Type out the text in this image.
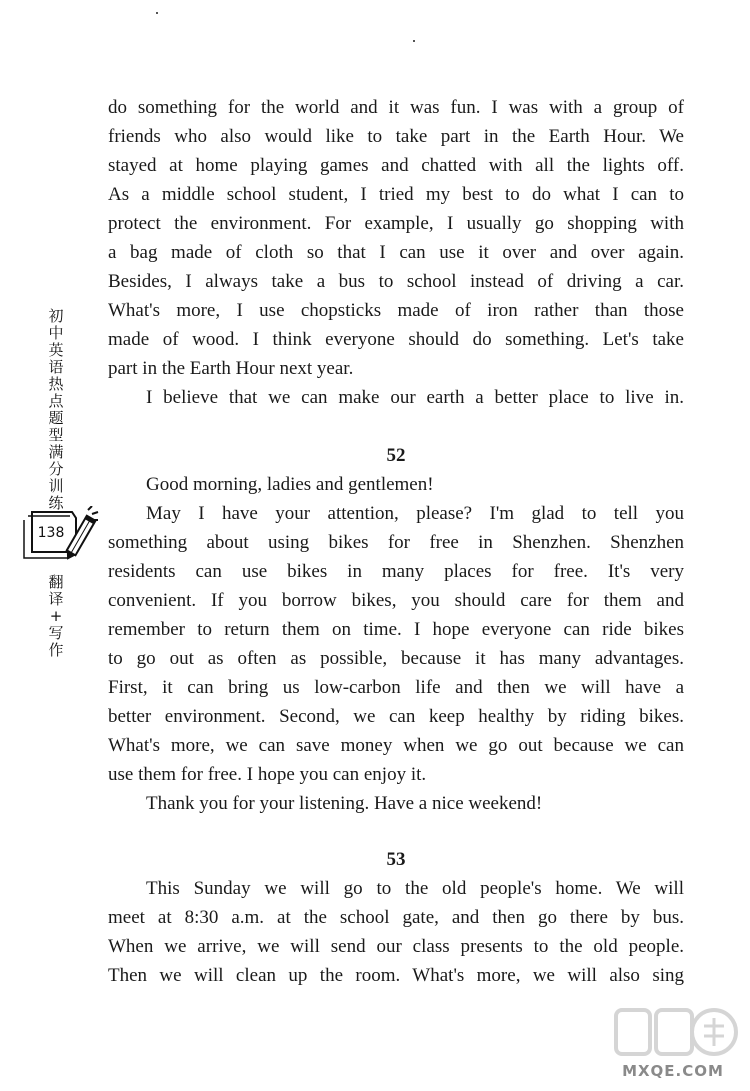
do something for the world and it was fun. I was with a group of
friends who also would like to take part in the Earth Hour. We
stayed at home playing games and chatted with all the lights off.
As a middle school student, I tried my best to do what I can to
protect the environment. For example, I usually go shopping with
a bag made of cloth so that I can use it over and over again.
Besides, I always take a bus to school instead of driving a car.
What's more, I use chopsticks made of iron rather than those
made of wood. I think everyone should do something. Let's take
part in the Earth Hour next year.
I believe that we can make our earth a better place to live in.
52
Good morning, ladies and gentlemen!
May I have your attention, please? I'm glad to tell you
something about using bikes for free in Shenzhen. Shenzhen
residents can use bikes in many places for free. It's very
convenient. If you borrow bikes, you should care for them and
remember to return them on time. I hope everyone can ride bikes
to go out as often as possible, because it has many advantages.
First, it can bring us low-carbon life and then we will have a
better environment. Second, we can keep healthy by riding bikes.
What's more, we can save money when we go out because we can
use them for free. I hope you can enjoy it.
Thank you for your listening. Have a nice weekend!
53
This Sunday we will go to the old people's home. We will
meet at 8:30 a.m. at the school gate, and then go there by bus.
When we arrive, we will send our class presents to the old people.
Then we will clean up the room. What's more, we will also sing
初
中
英
语
热
点
题
型
满
分
训
练
138
翻
译
+
写
作
MXQE.COM
